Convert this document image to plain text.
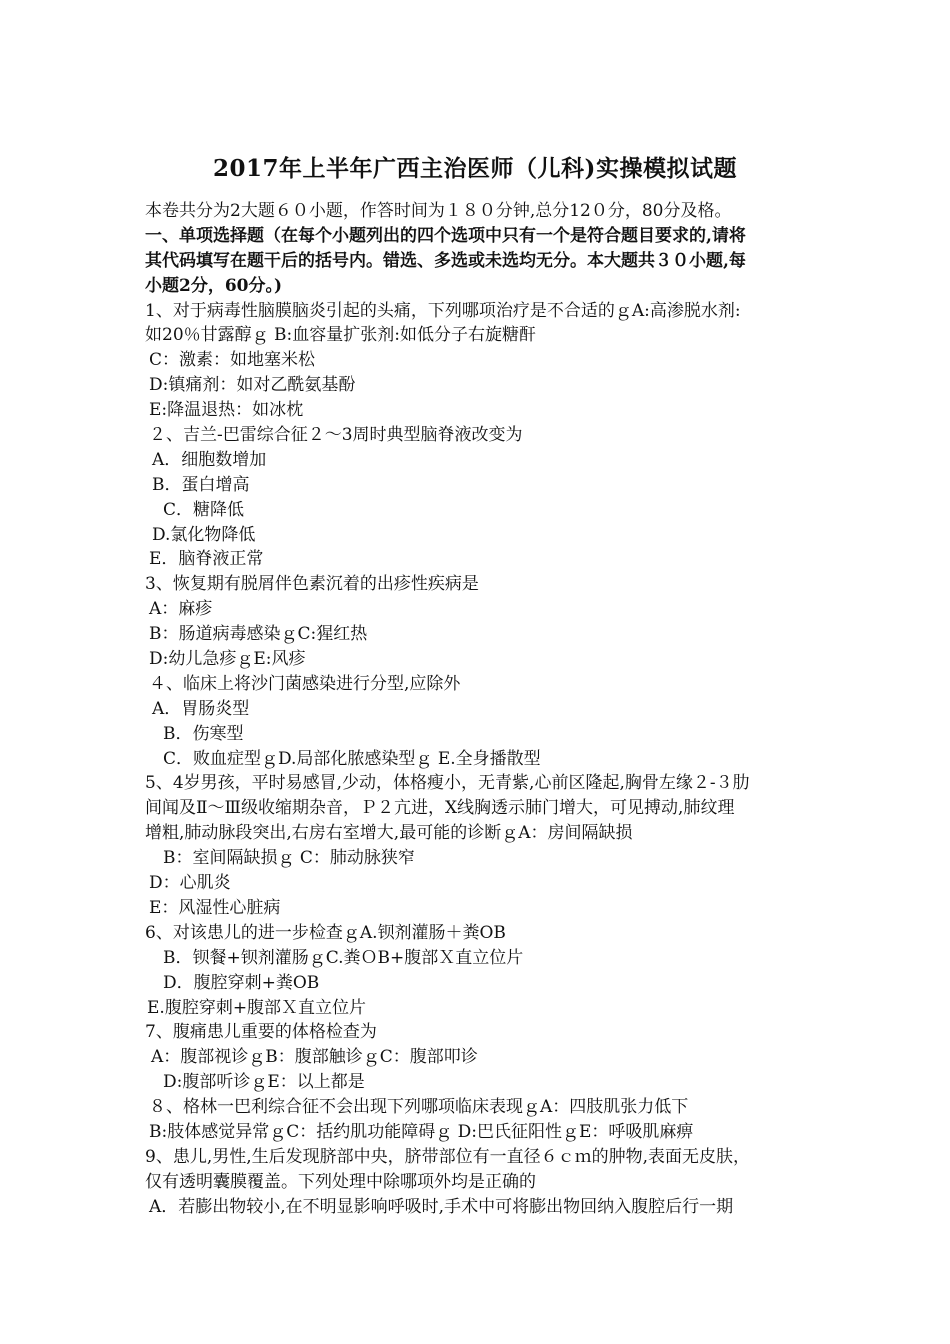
2017年上半年广西主治医师（儿科)实操模拟试题
本卷共分为2大题６０小题，作答时间为１８０分钟,总分12０分，80分及格。
一、单项选择题（在每个小题列出的四个选项中只有一个是符合题目要求的,请将
其代码填写在题干后的括号内。错选、多选或未选均无分。本大题共３０小题,每
小题2分，60分。)
1、对于病毒性脑膜脑炎引起的头痛，下列哪项治疗是不合适的ｇA:高渗脱水剂:
如20％甘露醇ｇ B:血容量扩张剂:如低分子右旋糖酐
C：激素：如地塞米松
D:镇痛剂：如对乙酰氨基酚
E:降温退热：如冰枕
２、吉兰-巴雷综合征２～3周时典型脑脊液改变为
A．细胞数增加
B．蛋白增高
C．糖降低
D.氯化物降低
E．脑脊液正常
3、恢复期有脱屑伴色素沉着的出疹性疾病是
A：麻疹
B：肠道病毒感染ｇC:猩红热
D:幼儿急疹ｇE:风疹
４、临床上将沙门菌感染进行分型,应除外
A．胃肠炎型
B．伤寒型
C．败血症型ｇD.局部化脓感染型ｇ E.全身播散型
5、4岁男孩，平时易感冒,少动，体格瘦小，无青紫,心前区隆起,胸骨左缘２-３肋
间闻及Ⅱ～Ⅲ级收缩期杂音，Ｐ２亢进，X线胸透示肺门增大，可见搏动,肺纹理
增粗,肺动脉段突出,右房右室增大,最可能的诊断ｇA：房间隔缺损
B：室间隔缺损ｇ C：肺动脉狭窄
D：心肌炎
E：风湿性心脏病
6、对该患儿的进一步检查ｇA.钡剂灌肠＋粪OB
B．钡餐+钡剂灌肠ｇC.粪ＯB+腹部Ｘ直立位片
D．腹腔穿刺+粪OB
E.腹腔穿刺+腹部Ｘ直立位片
7、腹痛患儿重要的体格检查为
A：腹部视诊ｇB：腹部触诊ｇC：腹部叩诊
D:腹部听诊ｇE：以上都是
８、格林一巴利综合征不会出现下列哪项临床表现ｇA：四肢肌张力低下
B:肢体感觉异常ｇC：括约肌功能障碍ｇ D:巴氏征阳性ｇE：呼吸肌麻痹
9、患儿,男性,生后发现脐部中央，脐带部位有一直径６ｃｍ的肿物,表面无皮肤，
仅有透明囊膜覆盖。下列处理中除哪项外均是正确的
A．若膨出物较小,在不明显影响呼吸时,手术中可将膨出物回纳入腹腔后行一期
